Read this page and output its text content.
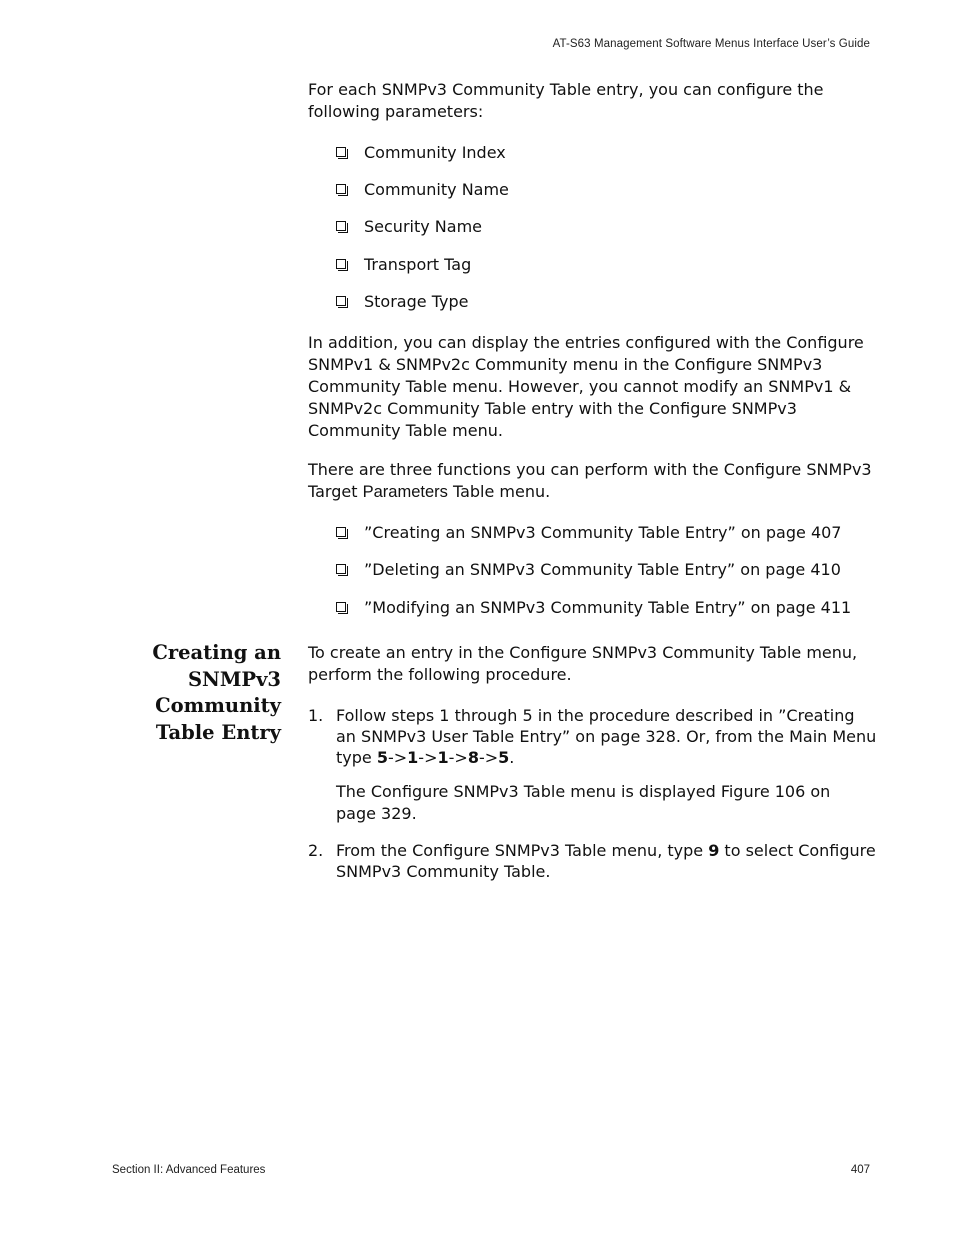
AT-S63 Management Software Menus Interface User’s Guide

For each SNMPv3 Community Table entry, you can configure the following parameters:

Community Index
Community Name
Security Name
Transport Tag
Storage Type

In addition, you can display the entries configured with the Configure SNMPv1 & SNMPv2c Community menu in the Configure SNMPv3 Community Table menu. However, you cannot modify an SNMPv1 & SNMPv2c Community Table entry with the Configure SNMPv3 Community Table menu.

There are three functions you can perform with the Configure SNMPv3 Target Parameters Table menu.

”Creating an SNMPv3 Community Table Entry” on page 407
”Deleting an SNMPv3 Community Table Entry” on page 410
”Modifying an SNMPv3 Community Table Entry” on page 411
Creating an
SNMPv3
Community
Table Entry

To create an entry in the Configure SNMPv3 Community Table menu, perform the following procedure.

1. Follow steps 1 through 5 in the procedure described in ”Creating an SNMPv3 User Table Entry” on page 328. Or, from the Main Menu type 5->1->1->8->5.
The Configure SNMPv3 Table menu is displayed Figure 106 on page 329.
2. From the Configure SNMPv3 Table menu, type 9 to select Configure SNMPv3 Community Table.
Section II: Advanced Features	407
